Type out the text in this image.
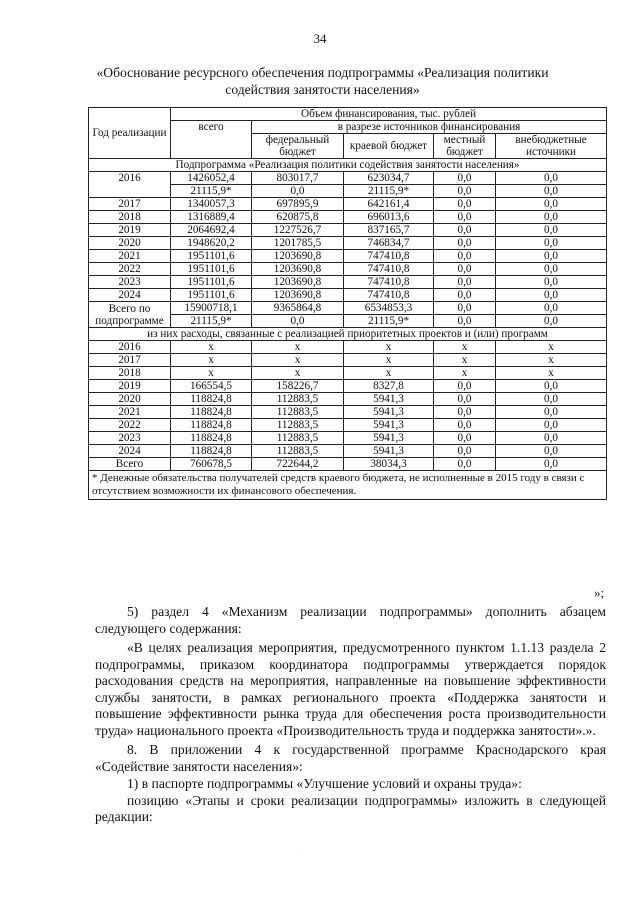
34
«Обоснование ресурсного обеспечения подпрограммы «Реализация политики содействия занятости населения»
Год реализации	Объем финансирования, тыс. рублей				
	всего	в разрезе источников финансирования			
		федеральный бюджет	краевой бюджет	местный бюджет	внебюджетные источники
Подпрограмма «Реализация политики содействия занятости населения»					
2016	1426052,4	803017,7	623034,7	0,0	0,0
	21115,9*	0,0	21115,9*	0,0	0,0
2017	1340057,3	697895,9	642161,4	0,0	0,0
2018	1316889,4	620875,8	696013,6	0,0	0,0
2019	2064692,4	1227526,7	837165,7	0,0	0,0
2020	1948620,2	1201785,5	746834,7	0,0	0,0
2021	1951101,6	1203690,8	747410,8	0,0	0,0
2022	1951101,6	1203690,8	747410,8	0,0	0,0
2023	1951101,6	1203690,8	747410,8	0,0	0,0
2024	1951101,6	1203690,8	747410,8	0,0	0,0
Всего по подпрограмме	15900718,1	9365864,8	6534853,3	0,0	0,0
	21115,9*	0,0	21115,9*	0,0	0,0
из них расходы, связанные с реализацией приоритетных проектов и (или) программ					
2016	x	x	x	x	x
2017	x	x	x	x	x
2018	x	x	x	x	x
2019	166554,5	158226,7	8327,8	0,0	0,0
2020	118824,8	112883,5	5941,3	0,0	0,0
2021	118824,8	112883,5	5941,3	0,0	0,0
2022	118824,8	112883,5	5941,3	0,0	0,0
2023	118824,8	112883,5	5941,3	0,0	0,0
2024	118824,8	112883,5	5941,3	0,0	0,0
Всего	760678,5	722644,2	38034,3	0,0	0,0
* Денежные обязательства получателей средств краевого бюджета, не исполненные в 2015 году в связи с отсутствием возможности их финансового обеспечения.					
»;

5) раздел 4 «Механизм реализации подпрограммы» дополнить абзацем следующего содержания:

«В целях реализация мероприятия, предусмотренного пунктом 1.1.13 раздела 2 подпрограммы, приказом координатора подпрограммы утверждается порядок расходования средств на мероприятия, направленные на повышение эффективности службы занятости, в рамках регионального проекта «Поддержка занятости и повышение эффективности рынка труда для обеспечения роста производительности труда» национального проекта «Производительность труда и поддержка занятости».».

8. В приложении 4 к государственной программе Краснодарского края «Содействие занятости населения»:

1) в паспорте подпрограммы «Улучшение условий и охраны труда»:

позицию «Этапы и сроки реализации подпрограммы» изложить в следующей редакции:

·
